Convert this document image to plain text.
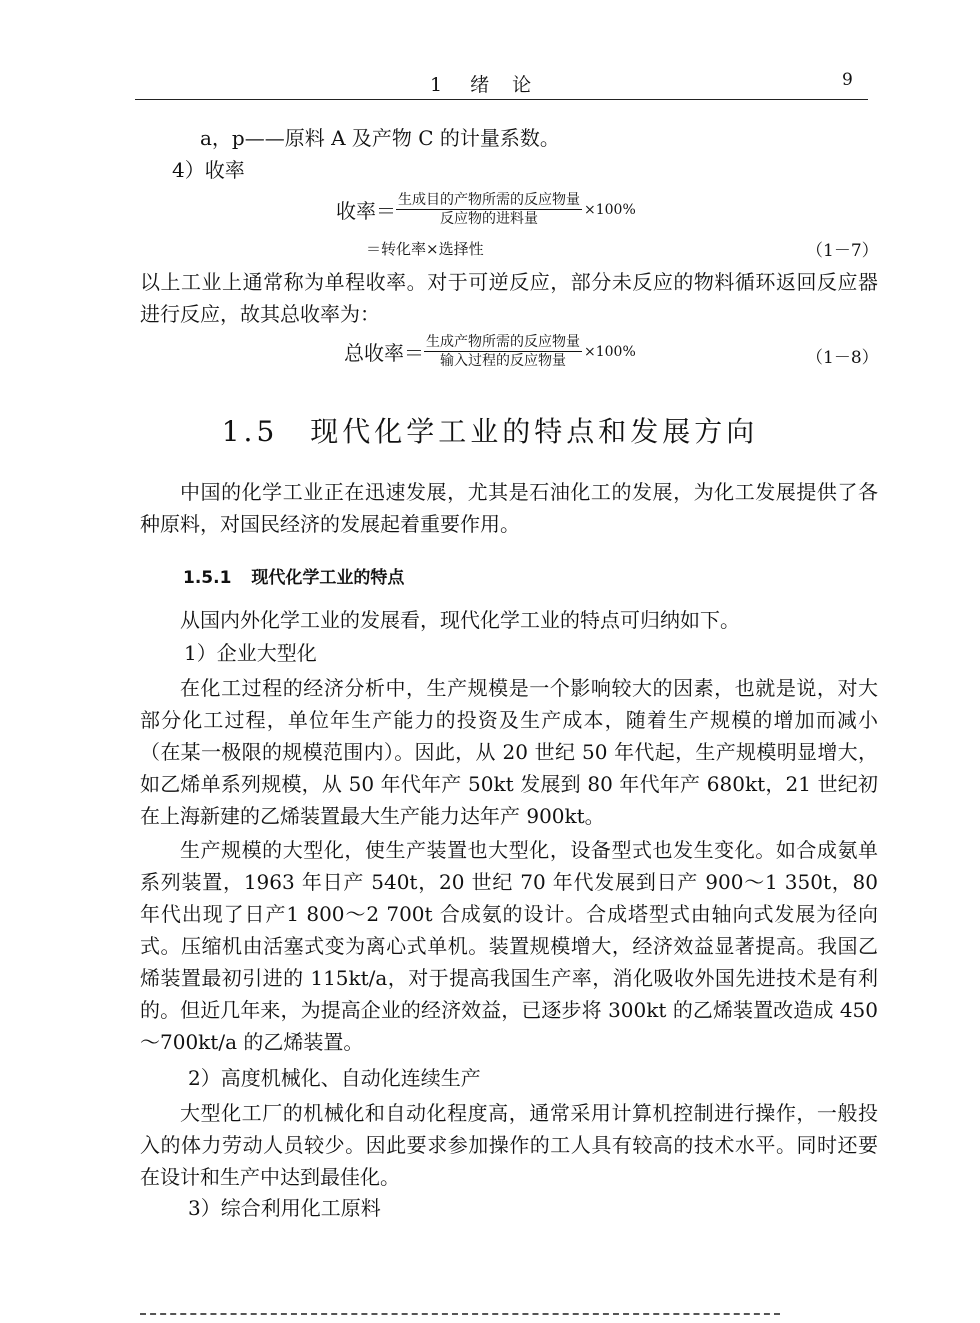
1 绪　论	9
a，p——原料 A 及产物 C 的计量系数。
4）收率
收率＝ $\frac{\text{生成目的产物所需的反应物量}}{\text{反应物的进料量}} \times 100\%$
＝转化率×选择性	（1－7）
以上工业上通常称为单程收率。对于可逆反应，部分未反应的物料循环返回反应器进行反应，故其总收率为：
总收率＝ $\frac{\text{生成产物所需的反应物量}}{\text{输入过程的反应物量}} \times 100\%$	（1－8）
1.5　现代化学工业的特点和发展方向
中国的化学工业正在迅速发展，尤其是石油化工的发展，为化工发展提供了各种原料，对国民经济的发展起着重要作用。
1.5.1 现代化学工业的特点
从国内外化学工业的发展看，现代化学工业的特点可归纳如下。
1）企业大型化
在化工过程的经济分析中，生产规模是一个影响较大的因素，也就是说，对大部分化工过程，单位年生产能力的投资及生产成本，随着生产规模的增加而减小（在某一极限的规模范围内）。因此，从 20 世纪 50 年代起，生产规模明显增大，如乙烯单系列规模，从 50 年代年产 50kt 发展到 80 年代年产 680kt，21 世纪初在上海新建的乙烯装置最大生产能力达年产 900kt。
生产规模的大型化，使生产装置也大型化，设备型式也发生变化。如合成氨单系列装置，1963 年日产 540t，20 世纪 70 年代发展到日产 900～1 350t，80 年代出现了日产1 800～2 700t 合成氨的设计。合成塔型式由轴向式发展为径向式。压缩机由活塞式变为离心式单机。装置规模增大，经济效益显著提高。我国乙烯装置最初引进的 115kt/a，对于提高我国生产率，消化吸收外国先进技术是有利的。但近几年来，为提高企业的经济效益，已逐步将 300kt 的乙烯装置改造成 450～700kt/a 的乙烯装置。
2）高度机械化、自动化连续生产
大型化工厂的机械化和自动化程度高，通常采用计算机控制进行操作，一般投入的体力劳动人员较少。因此要求参加操作的工人具有较高的技术水平。同时还要在设计和生产中达到最佳化。
3）综合利用化工原料
